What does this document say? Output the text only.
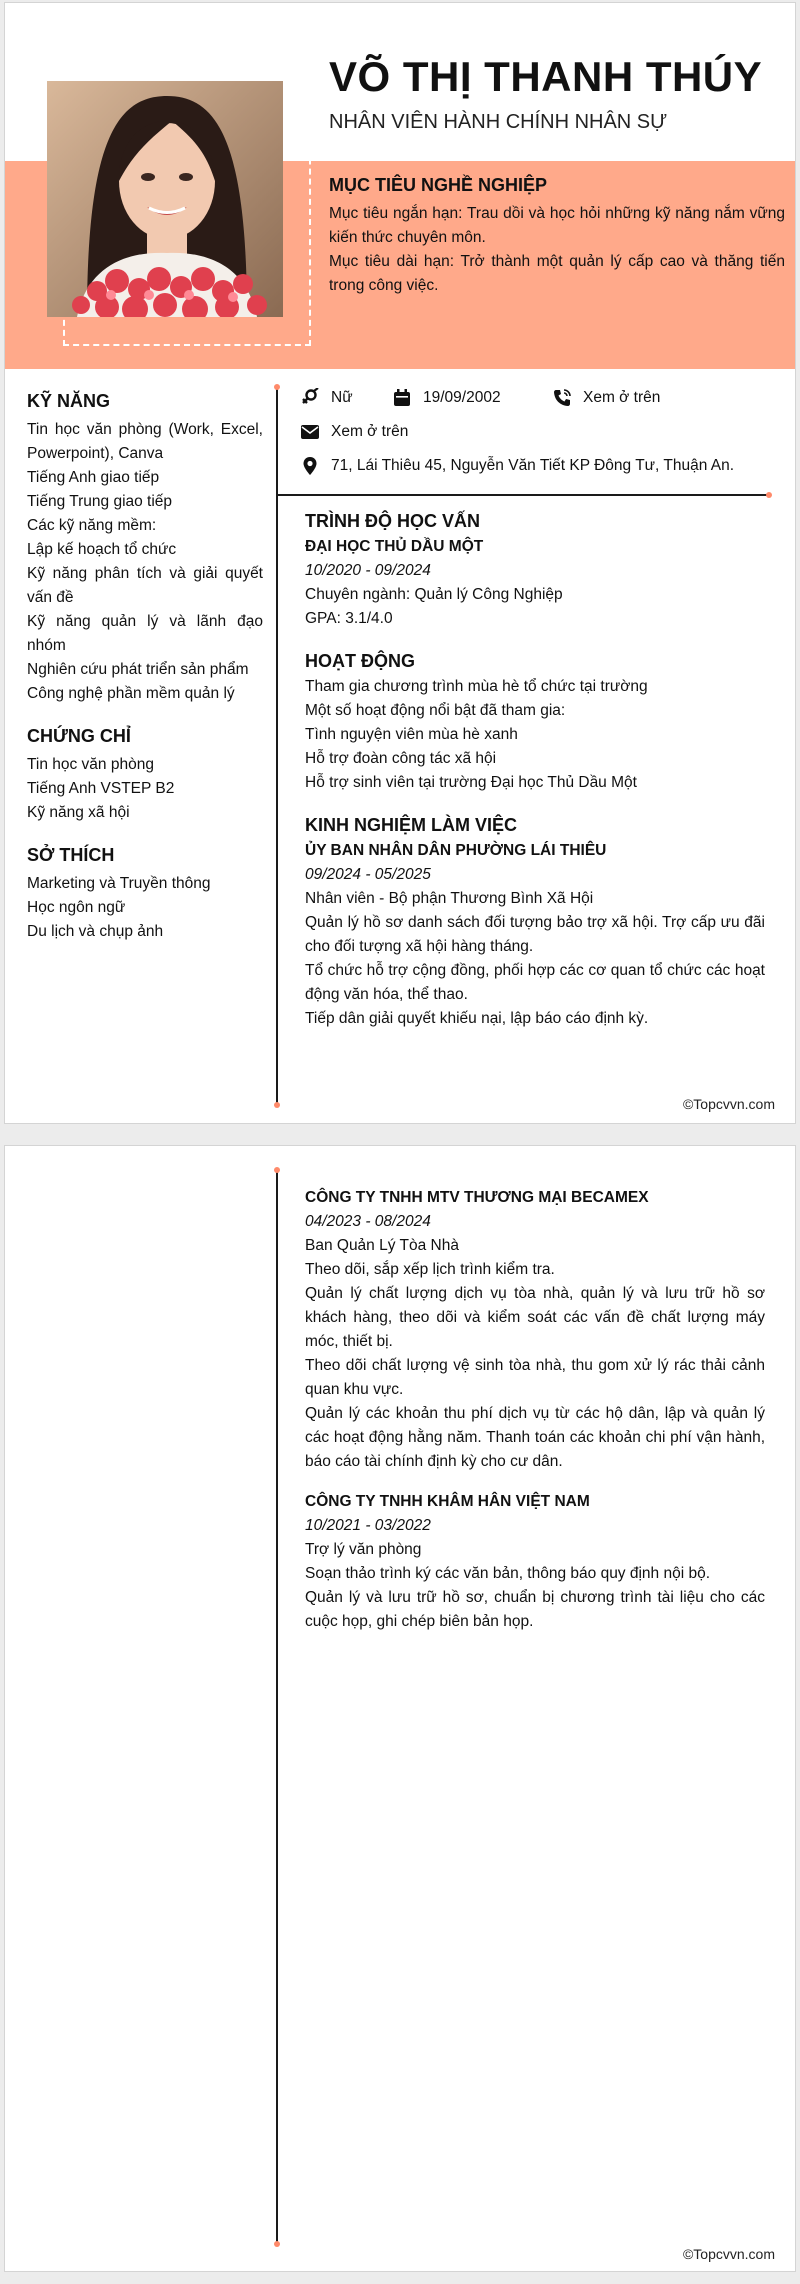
VÕ THỊ THANH THÚY
NHÂN VIÊN HÀNH CHÍNH NHÂN SỰ
MỤC TIÊU NGHỀ NGHIỆP

Mục tiêu ngắn hạn: Trau dồi và học hỏi những kỹ năng nắm vững kiến thức chuyên môn.

Mục tiêu dài hạn: Trở thành một quản lý cấp cao và thăng tiến trong công việc.

KỸ NĂNG
Tin học văn phòng (Work, Excel, Powerpoint), Canva
Tiếng Anh giao tiếp
Tiếng Trung giao tiếp
Các kỹ năng mềm:
Lập kế hoạch tổ chức
Kỹ năng phân tích và giải quyết vấn đề
Kỹ năng quản lý và lãnh đạo nhóm
Nghiên cứu phát triển sản phẩm
Công nghệ phần mềm quản lý
CHỨNG CHỈ
Tin học văn phòng
Tiếng Anh VSTEP B2
Kỹ năng xã hội
SỞ THÍCH
Marketing và Truyền thông
Học ngôn ngữ
Du lịch và chụp ảnh
Nữ	19/09/2002	Xem ở trên
Xem ở trên
71, Lái Thiêu 45, Nguyễn Văn Tiết KP Đông Tư, Thuận An.
TRÌNH ĐỘ HỌC VẤN
ĐẠI HỌC THỦ DẦU MỘT
10/2020 - 09/2024
Chuyên ngành: Quản lý Công Nghiệp
GPA: 3.1/4.0
HOẠT ĐỘNG
Tham gia chương trình mùa hè tổ chức tại trường
Một số hoạt động nổi bật đã tham gia:
Tình nguyện viên mùa hè xanh
Hỗ trợ đoàn công tác xã hội
Hỗ trợ sinh viên tại trường Đại học Thủ Dầu Một
KINH NGHIỆM LÀM VIỆC
ỦY BAN NHÂN DÂN PHƯỜNG LÁI THIÊU
09/2024 - 05/2025
Nhân viên - Bộ phận Thương Bình Xã Hội
Quản lý hồ sơ danh sách đối tượng bảo trợ xã hội. Trợ cấp ưu đãi cho đối tượng xã hội hàng tháng.
Tổ chức hỗ trợ cộng đồng, phối hợp các cơ quan tổ chức các hoạt động văn hóa, thể thao.
Tiếp dân giải quyết khiếu nại, lập báo cáo định kỳ.
©Topcvvn.com
CÔNG TY TNHH MTV THƯƠNG MẠI BECAMEX
04/2023 - 08/2024
Ban Quản Lý Tòa Nhà
Theo dõi, sắp xếp lịch trình kiểm tra.
Quản lý chất lượng dịch vụ tòa nhà, quản lý và lưu trữ hồ sơ khách hàng, theo dõi và kiểm soát các vấn đề chất lượng máy móc, thiết bị.
Theo dõi chất lượng vệ sinh tòa nhà, thu gom xử lý rác thải cảnh quan khu vực.
Quản lý các khoản thu phí dịch vụ từ các hộ dân, lập và quản lý các hoạt động hằng năm. Thanh toán các khoản chi phí vận hành, báo cáo tài chính định kỳ cho cư dân.
CÔNG TY TNHH KHÂM HÂN VIỆT NAM
10/2021 - 03/2022
Trợ lý văn phòng
Soạn thảo trình ký các văn bản, thông báo quy định nội bộ.
Quản lý và lưu trữ hồ sơ, chuẩn bị chương trình tài liệu cho các cuộc họp, ghi chép biên bản họp.
©Topcvvn.com
